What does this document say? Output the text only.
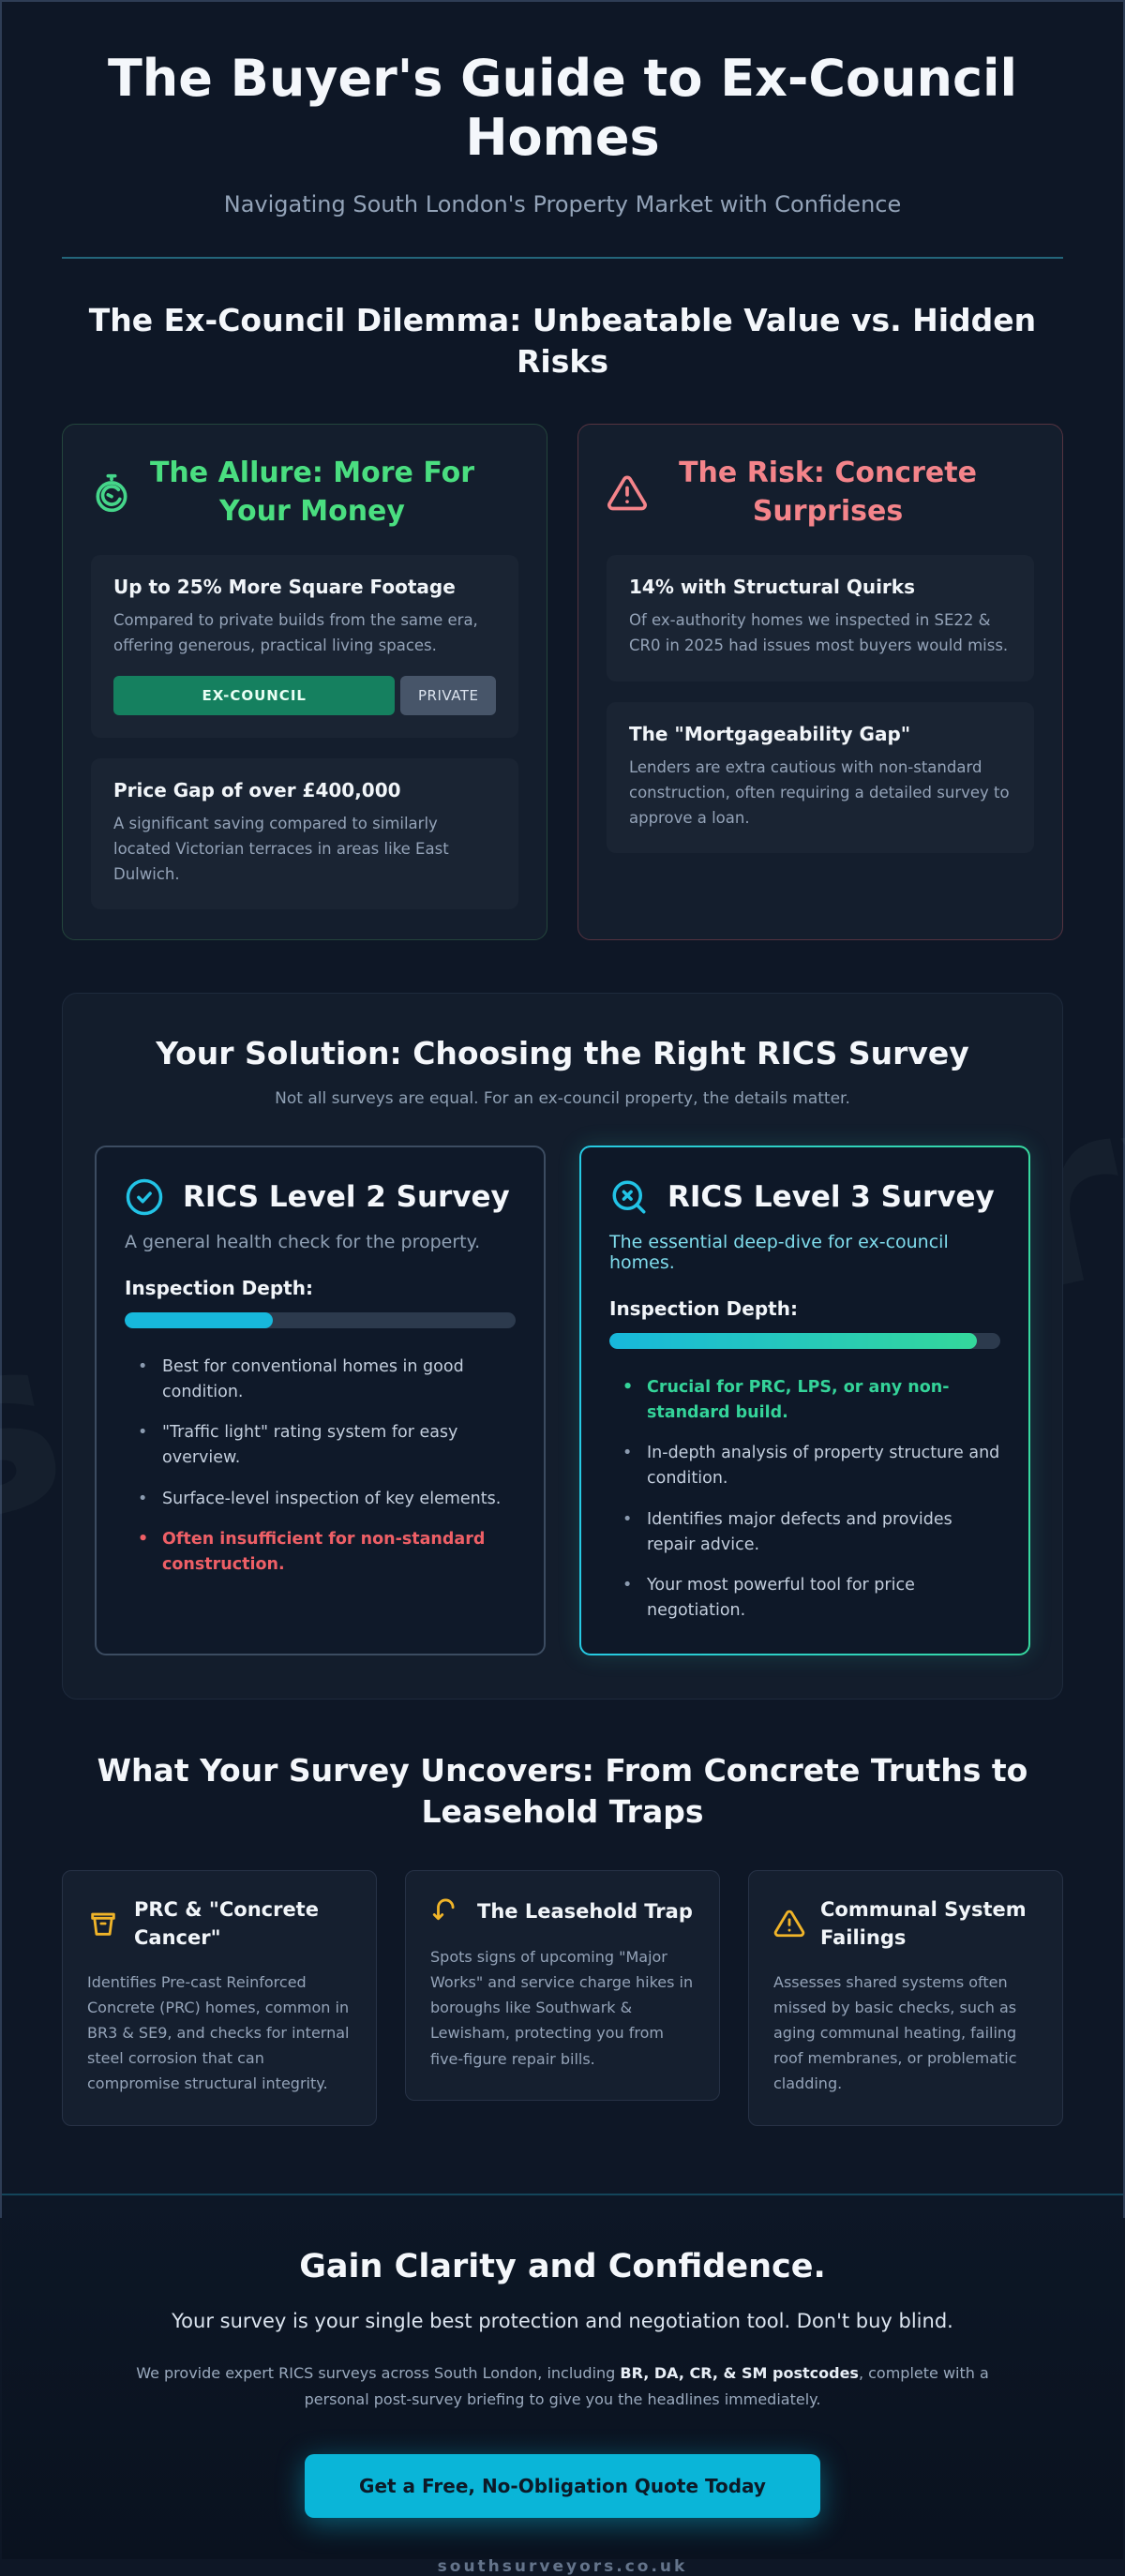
The Buyer's Guide to Ex-Council Homes
Navigating South London's Property Market with Confidence
The Ex-Council Dilemma: Unbeatable Value vs. Hidden Risks
The Allure: More For Your Money
Up to 25% More Square Footage
Compared to private builds from the same era, offering generous, practical living spaces.
EX-COUNCIL	PRIVATE
Price Gap of over £400,000
A significant saving compared to similarly located Victorian terraces in areas like East Dulwich.
The Risk: Concrete Surprises
14% with Structural Quirks
Of ex-authority homes we inspected in SE22 & CR0 in 2025 had issues most buyers would miss.
The "Mortgageability Gap"
Lenders are extra cautious with non-standard construction, often requiring a detailed survey to approve a loan.
Your Solution: Choosing the Right RICS Survey
Not all surveys are equal. For an ex-council property, the details matter.
RICS Level 2 Survey
A general health check for the property.
Inspection Depth:
• Best for conventional homes in good condition.
• "Traffic light" rating system for easy overview.
• Surface-level inspection of key elements.
• Often insufficient for non-standard construction.
RICS Level 3 Survey
The essential deep-dive for ex-council homes.
Inspection Depth:
• Crucial for PRC, LPS, or any non-standard build.
• In-depth analysis of property structure and condition.
• Identifies major defects and provides repair advice.
• Your most powerful tool for price negotiation.
What Your Survey Uncovers: From Concrete Truths to Leasehold Traps
PRC & "Concrete Cancer"
Identifies Pre-cast Reinforced Concrete (PRC) homes, common in BR3 & SE9, and checks for internal steel corrosion that can compromise structural integrity.
The Leasehold Trap
Spots signs of upcoming "Major Works" and service charge hikes in boroughs like Southwark & Lewisham, protecting you from five-figure repair bills.
Communal System Failings
Assesses shared systems often missed by basic checks, such as aging communal heating, failing roof membranes, or problematic cladding.
Gain Clarity and Confidence.
Your survey is your single best protection and negotiation tool. Don't buy blind.
We provide expert RICS surveys across South London, including BR, DA, CR, & SM postcodes, complete with a personal post-survey briefing to give you the headlines immediately.
Get a Free, No-Obligation Quote Today
southsurveyors.co.uk
